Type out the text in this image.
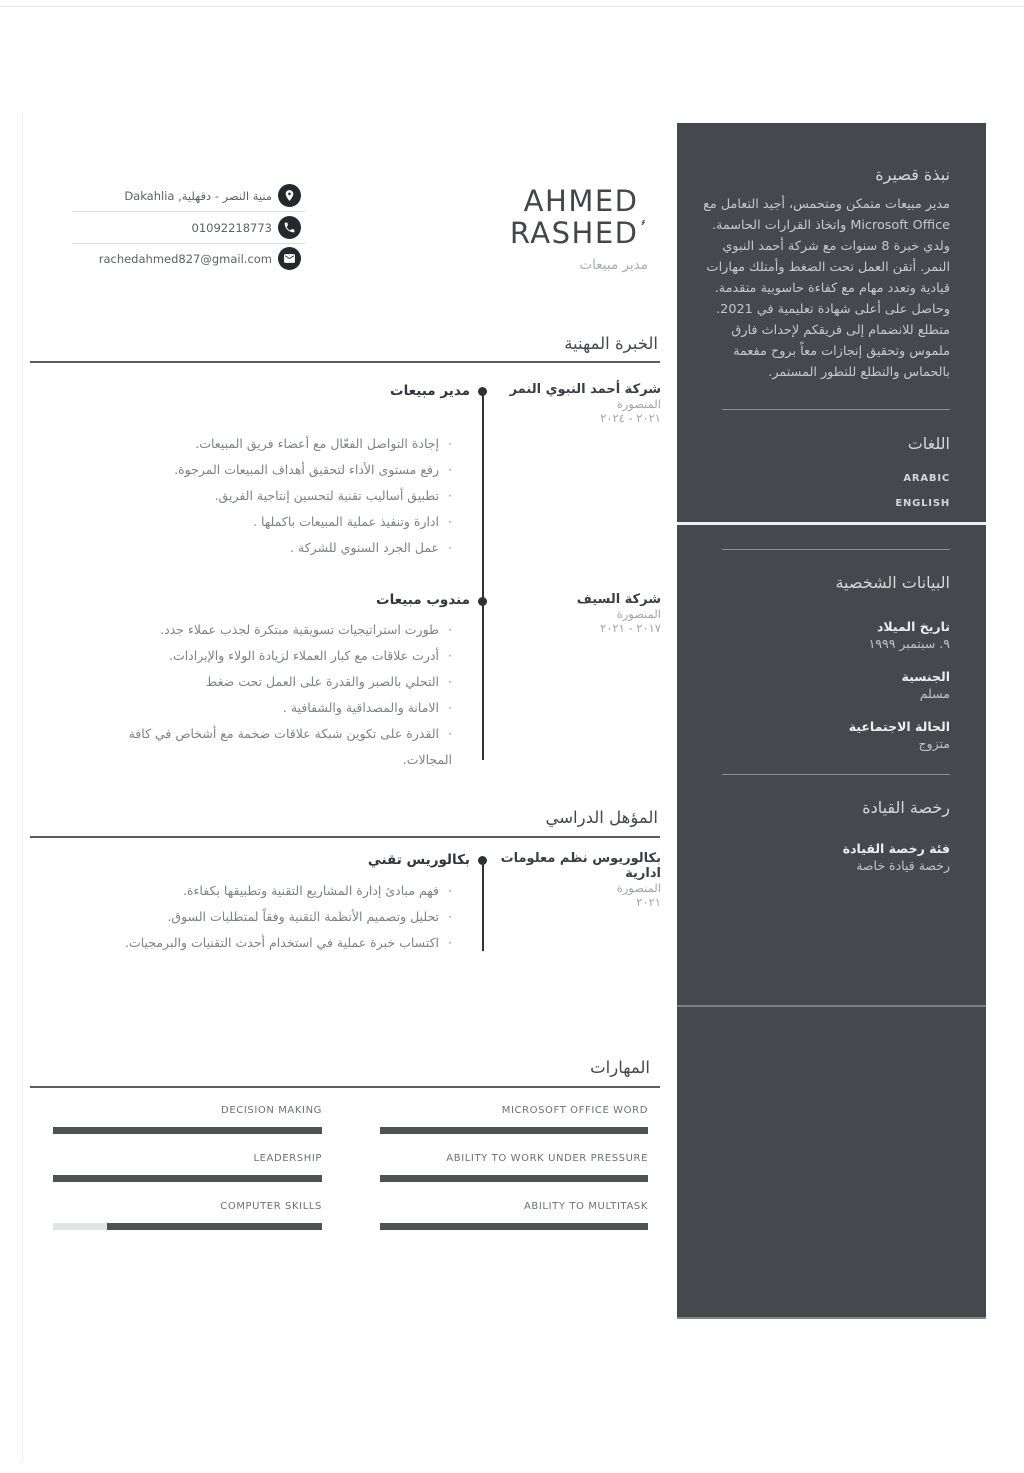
منية النصر - دقهلية, Dakahlia
01092218773
rachedahmed827@gmail.com
$AHMED_ˏ$
$RASHED^ˊ$
مدير مبيعات
الخبرة المهنية
شركة أحمد النبوي النمر
المنصورة
٢٠٢١ - ٢٠٢٤
مدير مبيعات
·إجادة التواصل الفعّال مع أعضاء فريق المبيعات.
·رفع مستوى الأداء لتحقيق أهداف المبيعات المرجوة.
·تطبيق أساليب تقنية لتحسين إنتاجية الفريق.
·ادارة وتنفيذ عملية المبيعات باكملها .
·عمل الجرد السنوي للشركة .
شركة السيف
المنصورة
٢٠١٧ - ٢٠٢١
مندوب مبيعات
·طورت استراتيجيات تسويقية مبتكرة لجذب عملاء جدد.
·أدرت علاقات مع كبار العملاء لزيادة الولاء والإيرادات.
·التحلي بالصبر والقدرة على العمل تحت ضغط
·الامانة والمصداقية والشفافية .
·القدرة على تكوين شبكة علاقات ضخمة مع أشخاص في كافة المجالات.
المؤهل الدراسي
بكالوريوس نظم معلومات
ادارية
المنصورة
٢٠٢١
بكالوريس تقني
·فهم مبادئ إدارة المشاريع التقنية وتطبيقها بكفاءة.
·تحليل وتصميم الأنظمة التقنية وفقاً لمتطلبات السوق.
·اكتساب خبرة عملية في استخدام أحدث التقنيات والبرمجيات.
المهارات
MICROSOFT OFFICE WORD
ABILITY TO WORK UNDER PRESSURE
ABILITY TO MULTITASK
DECISION MAKING
LEADERSHIP
COMPUTER SKILLS
نبذة قصيرة
مدير مبيعات متمكن ومتحمس، أجيد التعامل مع Microsoft Office واتخاذ القرارات الحاسمة. ولدي خبرة 8 سنوات مع شركة أحمد النبوي النمر. أتقن العمل تحت الضغط وأمتلك مهارات قيادية وتعدد مهام مع كفاءة حاسوبية متقدمة. وحاصل على أعلى شهادة تعليمية في 2021. متطلع للانضمام إلى فريقكم لإحداث فارق ملموس وتحقيق إنجازات معاً بروح مفعمة بالحماس والتطلع للتطور المستمر.
اللغات
ARABIC
ENGLISH
البيانات الشخصية
تاريخ الميلاد
٩. سبتمبر ١٩٩٩
الجنسية
مسلم
الحالة الاجتماعية
متزوج
رخصة القيادة
فئة رخصة القيادة
رخصة قيادة خاصة
